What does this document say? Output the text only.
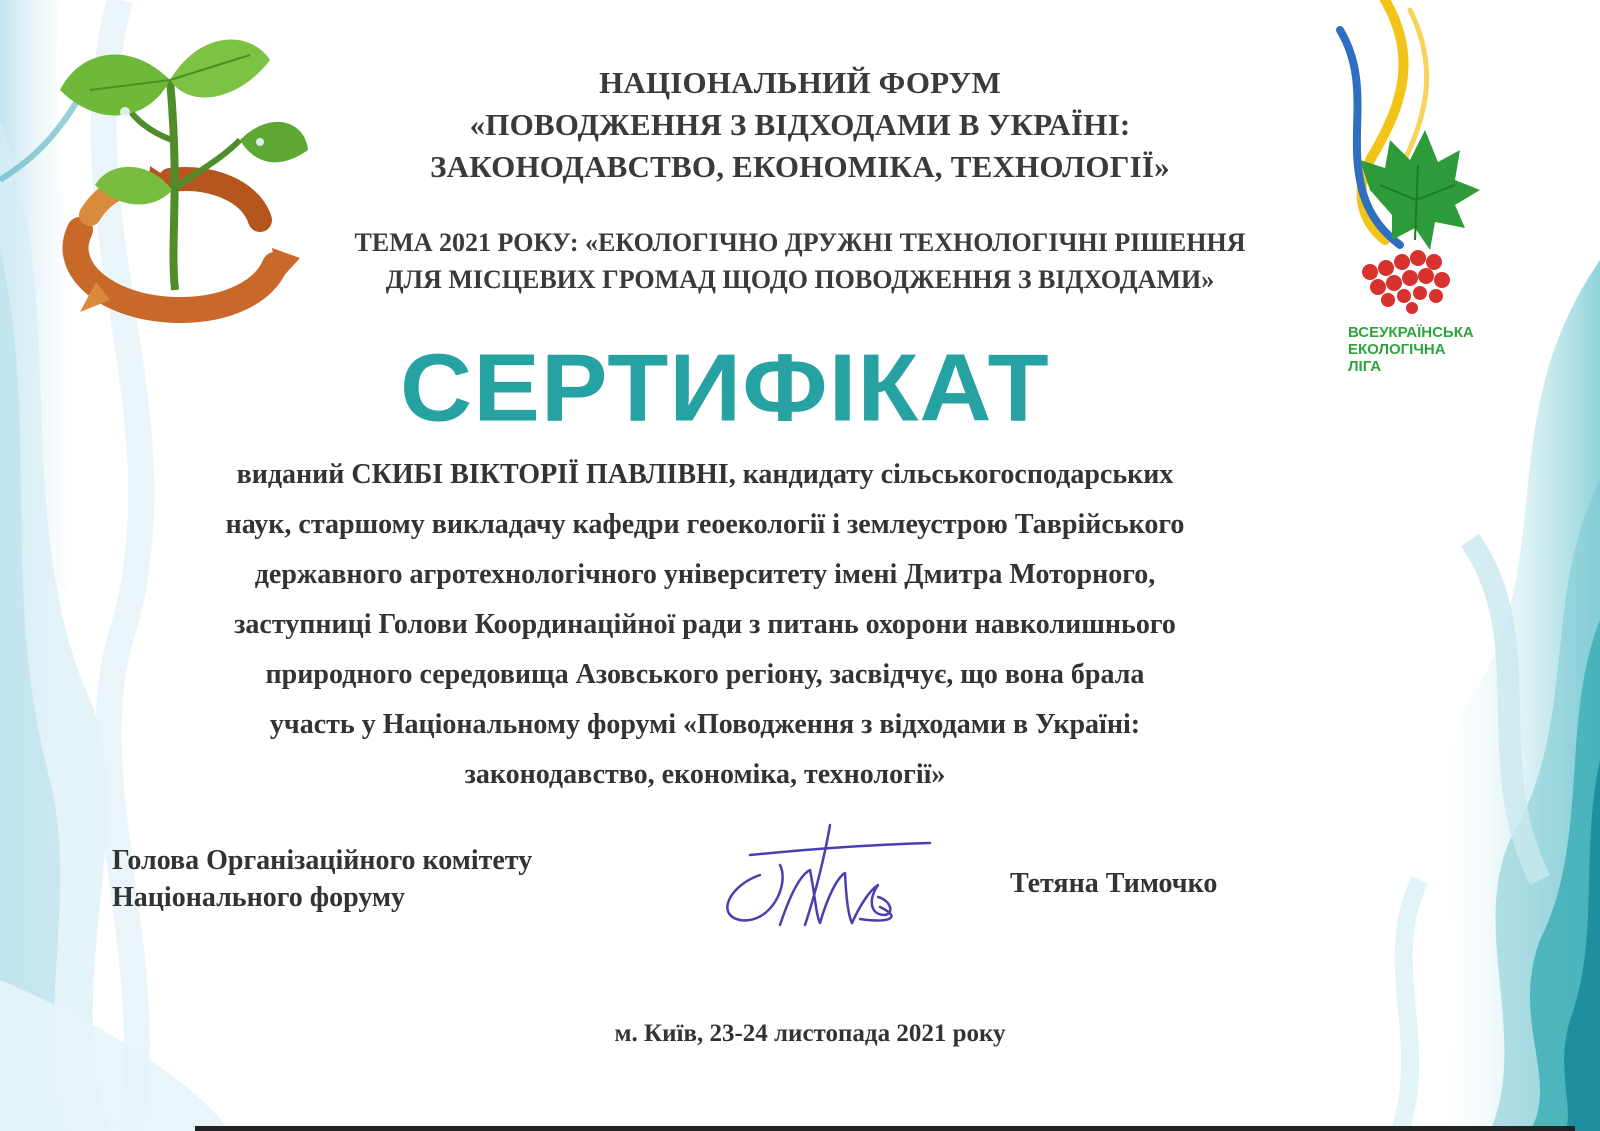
ВСЕУКРАЇНСЬКА
ЕКОЛОГІЧНА
ЛІГА
НАЦІОНАЛЬНИЙ ФОРУМ
«ПОВОДЖЕННЯ З ВІДХОДАМИ В УКРАЇНІ:
ЗАКОНОДАВСТВО, ЕКОНОМІКА, ТЕХНОЛОГІЇ»
ТЕМА 2021 РОКУ: «ЕКОЛОГІЧНО ДРУЖНІ ТЕХНОЛОГІЧНІ РІШЕННЯ
ДЛЯ МІСЦЕВИХ ГРОМАД ЩОДО ПОВОДЖЕННЯ З ВІДХОДАМИ»
СЕРТИФІКАТ
виданий СКИБІ ВІКТОРІЇ ПАВЛІВНІ, кандидату сільськогосподарських
наук, старшому викладачу кафедри геоекології і землеустрою Таврійського
державного агротехнологічного університету імені Дмитра Моторного,
заступниці Голови Координаційної ради з питань охорони навколишнього
природного середовища Азовського регіону, засвідчує, що вона брала
участь у Національному форумі «Поводження з відходами в Україні:
законодавство, економіка, технології»
Голова Організаційного комітету
Національного форуму	Тетяна Тимочко
м. Київ, 23-24 листопада 2021 року
